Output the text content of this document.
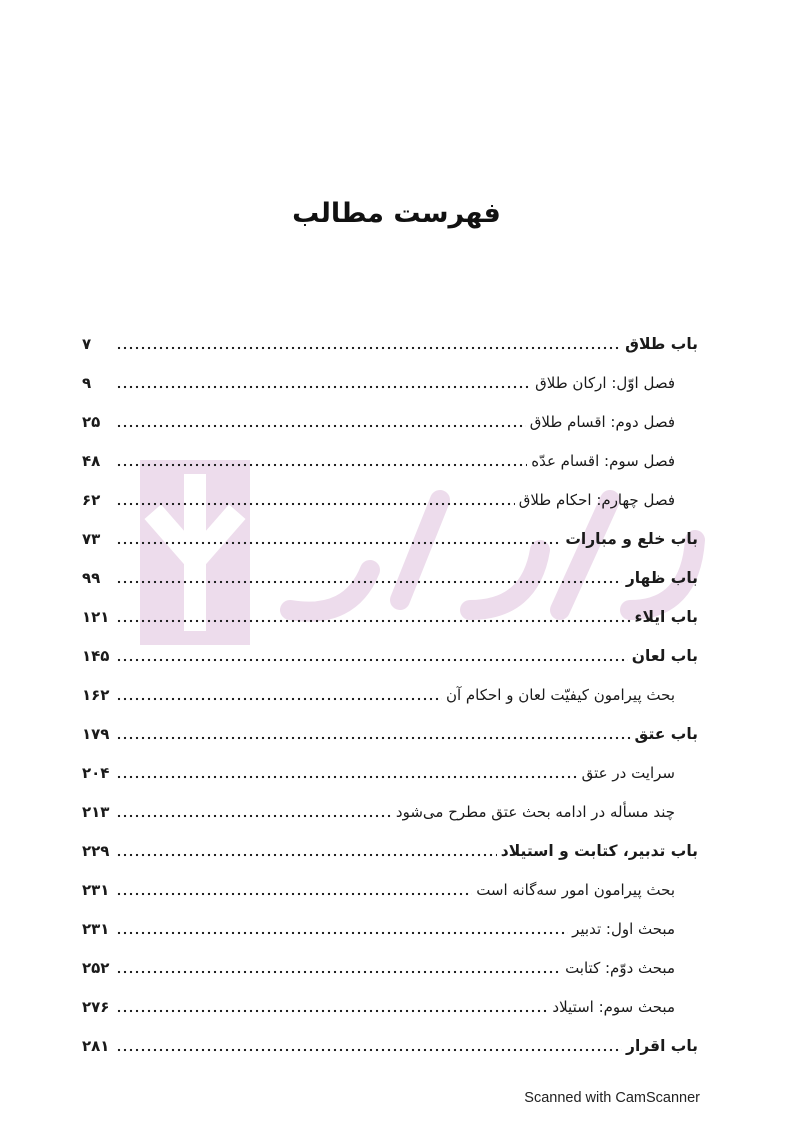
فهرست مطالب
باب طلاق
۷
فصل اوّل: ارکان طلاق
۹
فصل دوم: اقسام طلاق
۲۵
فصل سوم: اقسام عدّه
۴۸
فصل چهارم: احکام طلاق
۶۲
باب خلع و مبارات
۷۳
باب ظهار
۹۹
باب ایلاء
۱۲۱
باب لعان
۱۴۵
بحث پیرامون کیفیّت لعان و احکام آن
۱۶۲
باب عتق
۱۷۹
سرایت در عتق
۲۰۴
چند مسأله در ادامه بحث عتق مطرح می‌شود
۲۱۳
باب تدبیر، کتابت و استیلاد
۲۲۹
بحث پیرامون امور سه‌گانه است
۲۳۱
مبحث اول: تدبیر
۲۳۱
مبحث دوّم: کتابت
۲۵۲
مبحث سوم: استیلاد
۲۷۶
باب اقرار
۲۸۱
Scanned with CamScanner
